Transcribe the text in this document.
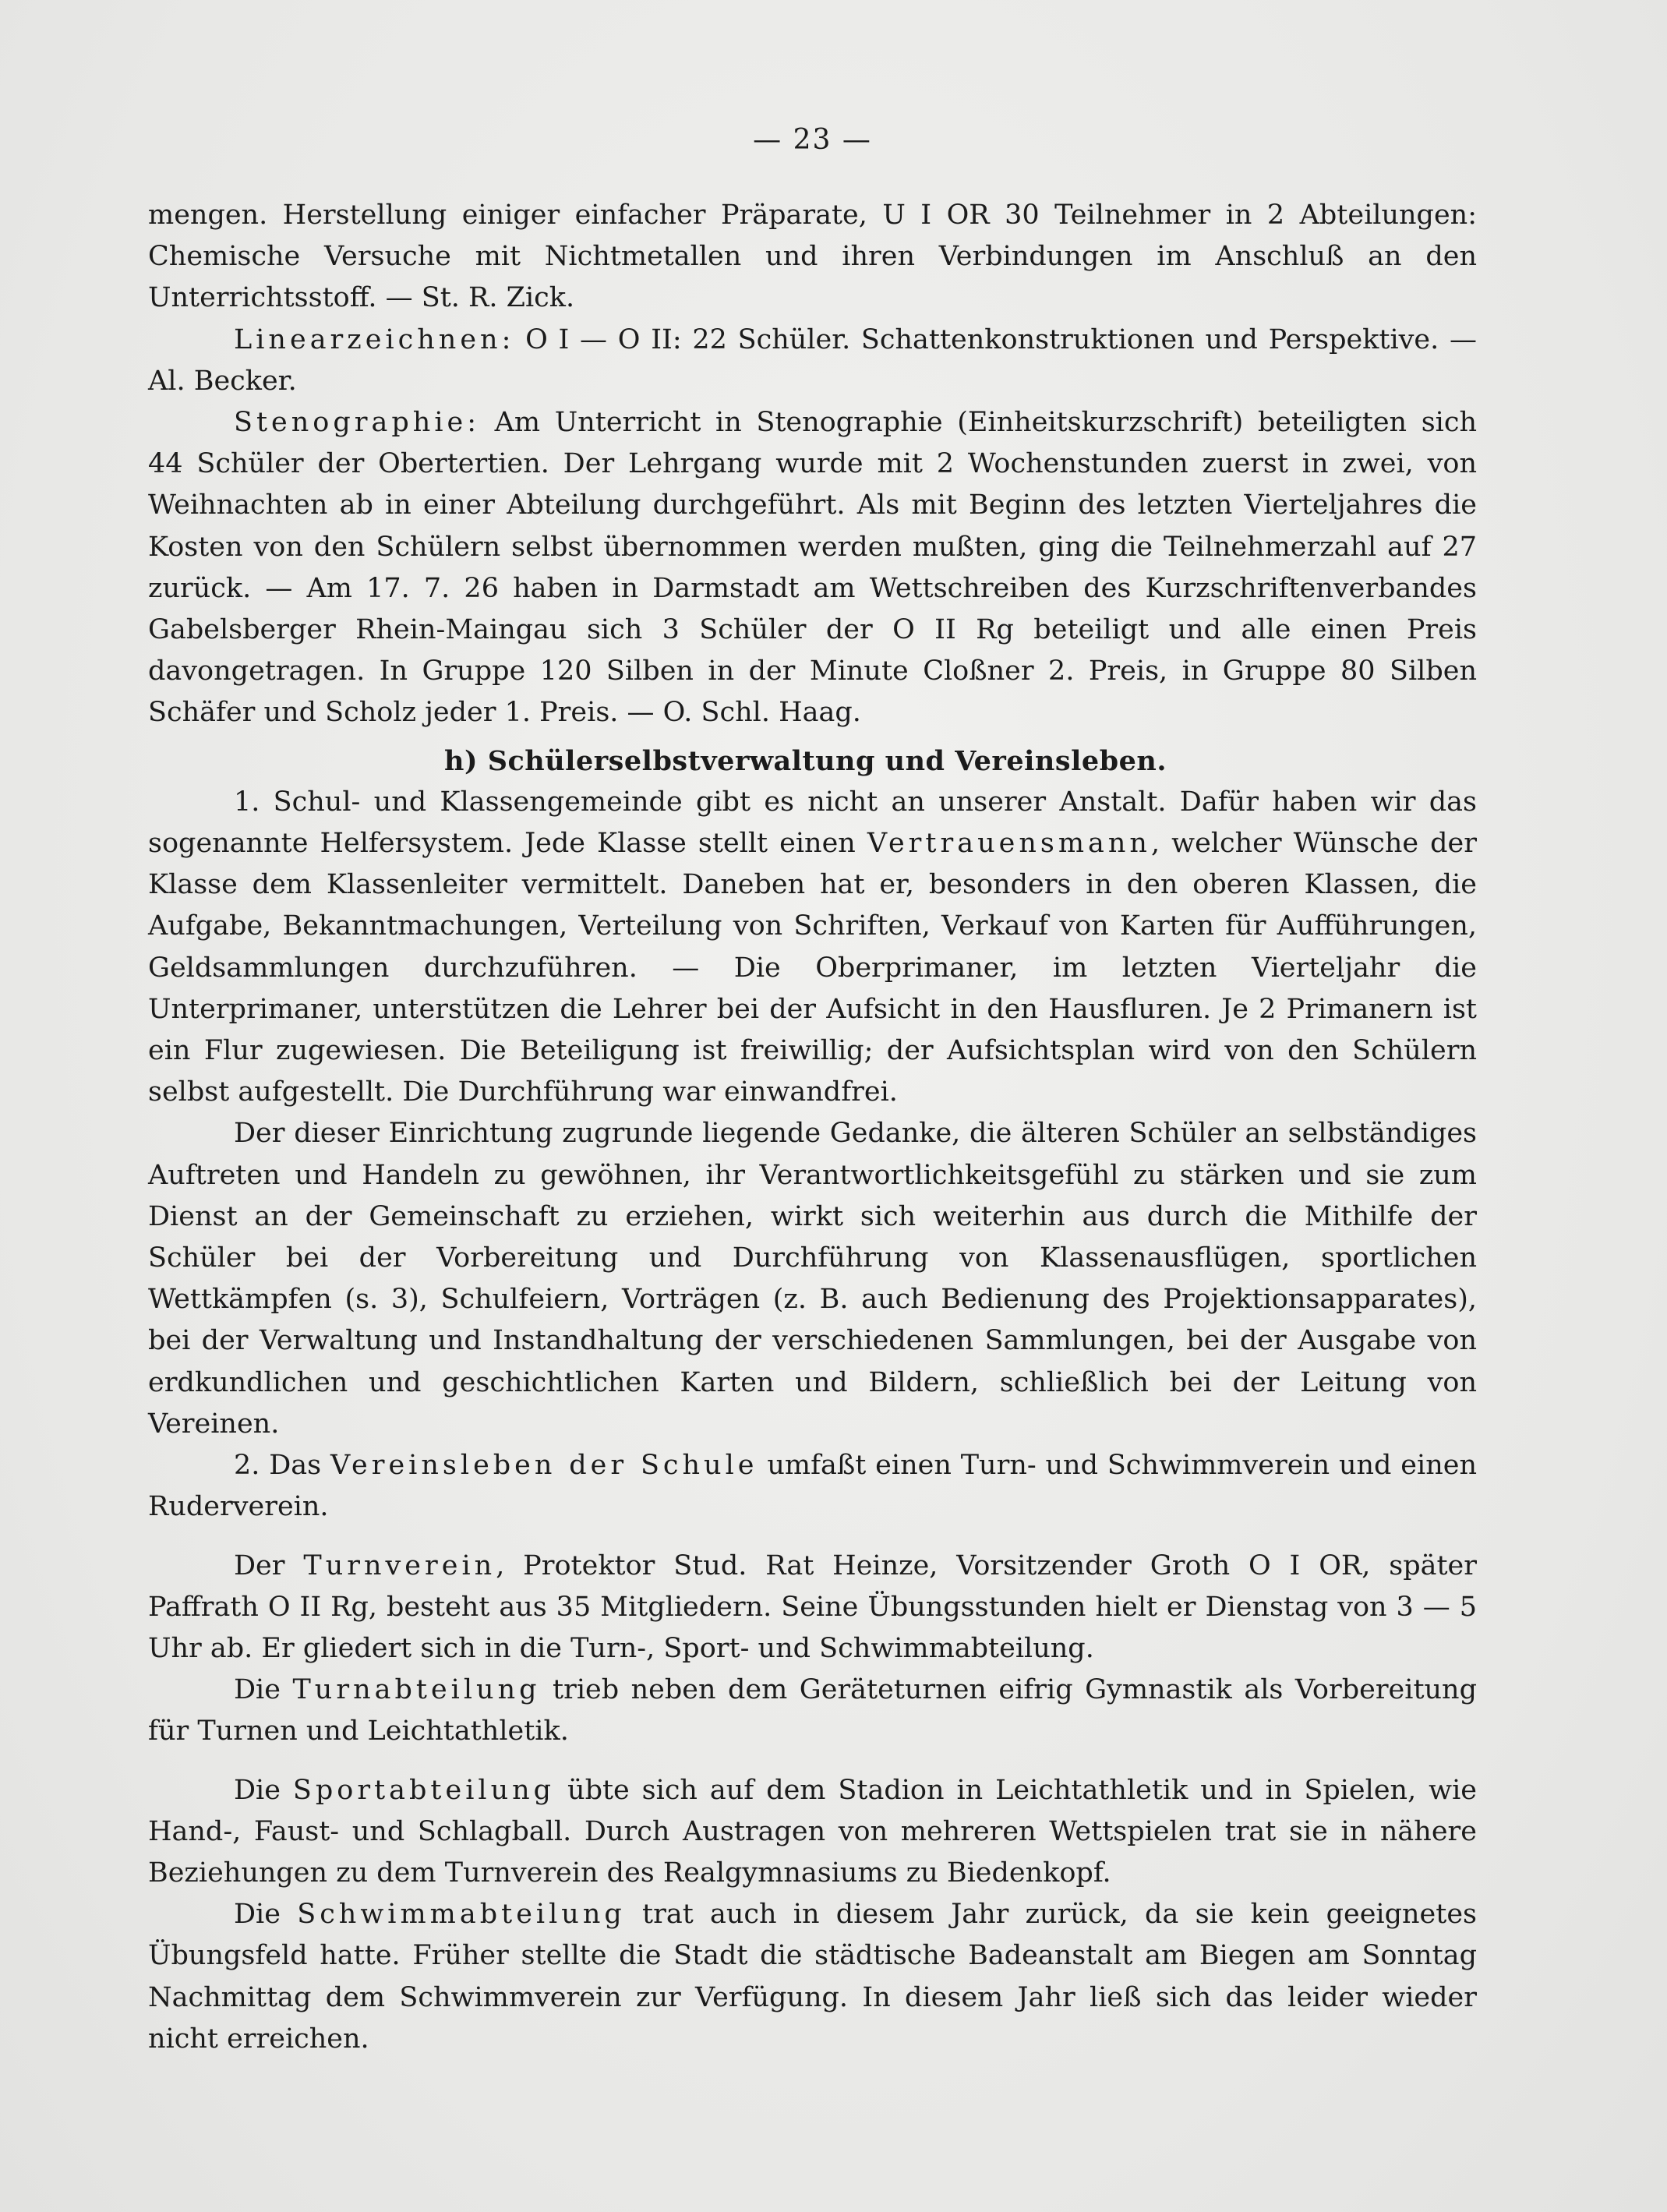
— 23 —

mengen. Herstellung einiger einfacher Präparate, U I OR 30 Teilnehmer in 2 Abteilungen: Chemische Versuche mit Nichtmetallen und ihren Verbindungen im Anschluß an den Unterrichtsstoff. — St. R. Zick.

Linearzeichnen: O I — O II: 22 Schüler. Schattenkonstruktionen und Perspektive. — Al. Becker.

Stenographie: Am Unterricht in Stenographie (Einheitskurzschrift) beteiligten sich 44 Schüler der Obertertien. Der Lehrgang wurde mit 2 Wochenstunden zuerst in zwei, von Weihnachten ab in einer Abteilung durchgeführt. Als mit Beginn des letzten Vierteljahres die Kosten von den Schülern selbst übernommen werden mußten, ging die Teilnehmerzahl auf 27 zurück. — Am 17. 7. 26 haben in Darmstadt am Wettschreiben des Kurzschriftenverbandes Gabelsberger Rhein-Maingau sich 3 Schüler der O II Rg beteiligt und alle einen Preis davongetragen. In Gruppe 120 Silben in der Minute Cloßner 2. Preis, in Gruppe 80 Silben Schäfer und Scholz jeder 1. Preis. — O. Schl. Haag.

h) Schülerselbstverwaltung und Vereinsleben.

1. Schul- und Klassengemeinde gibt es nicht an unserer Anstalt. Dafür haben wir das sogenannte Helfersystem. Jede Klasse stellt einen Vertrauensmann, welcher Wünsche der Klasse dem Klassenleiter vermittelt. Daneben hat er, besonders in den oberen Klassen, die Aufgabe, Bekanntmachungen, Verteilung von Schriften, Verkauf von Karten für Aufführungen, Geldsammlungen durchzuführen. — Die Oberprimaner, im letzten Vierteljahr die Unterprimaner, unterstützen die Lehrer bei der Aufsicht in den Hausfluren. Je 2 Primanern ist ein Flur zugewiesen. Die Beteiligung ist freiwillig; der Aufsichtsplan wird von den Schülern selbst aufgestellt. Die Durchführung war einwandfrei.

Der dieser Einrichtung zugrunde liegende Gedanke, die älteren Schüler an selbständiges Auftreten und Handeln zu gewöhnen, ihr Verantwortlichkeitsgefühl zu stärken und sie zum Dienst an der Gemeinschaft zu erziehen, wirkt sich weiterhin aus durch die Mithilfe der Schüler bei der Vorbereitung und Durchführung von Klassenausflügen, sportlichen Wettkämpfen (s. 3), Schulfeiern, Vorträgen (z. B. auch Bedienung des Projektionsapparates), bei der Verwaltung und Instandhaltung der verschiedenen Sammlungen, bei der Ausgabe von erdkundlichen und geschichtlichen Karten und Bildern, schließlich bei der Leitung von Vereinen.

2. Das Vereinsleben der Schule umfaßt einen Turn- und Schwimmverein und einen Ruderverein.

Der Turnverein, Protektor Stud. Rat Heinze, Vorsitzender Groth O I OR, später Paffrath O II Rg, besteht aus 35 Mitgliedern. Seine Übungsstunden hielt er Dienstag von 3 — 5 Uhr ab. Er gliedert sich in die Turn-, Sport- und Schwimmabteilung.

Die Turnabteilung trieb neben dem Geräteturnen eifrig Gymnastik als Vorbereitung für Turnen und Leichtathletik.

Die Sportabteilung übte sich auf dem Stadion in Leichtathletik und in Spielen, wie Hand-, Faust- und Schlagball. Durch Austragen von mehreren Wettspielen trat sie in nähere Beziehungen zu dem Turnverein des Realgymnasiums zu Biedenkopf.

Die Schwimmabteilung trat auch in diesem Jahr zurück, da sie kein geeignetes Übungsfeld hatte. Früher stellte die Stadt die städtische Badeanstalt am Biegen am Sonntag Nachmittag dem Schwimmverein zur Verfügung. In diesem Jahr ließ sich das leider wieder nicht erreichen.
